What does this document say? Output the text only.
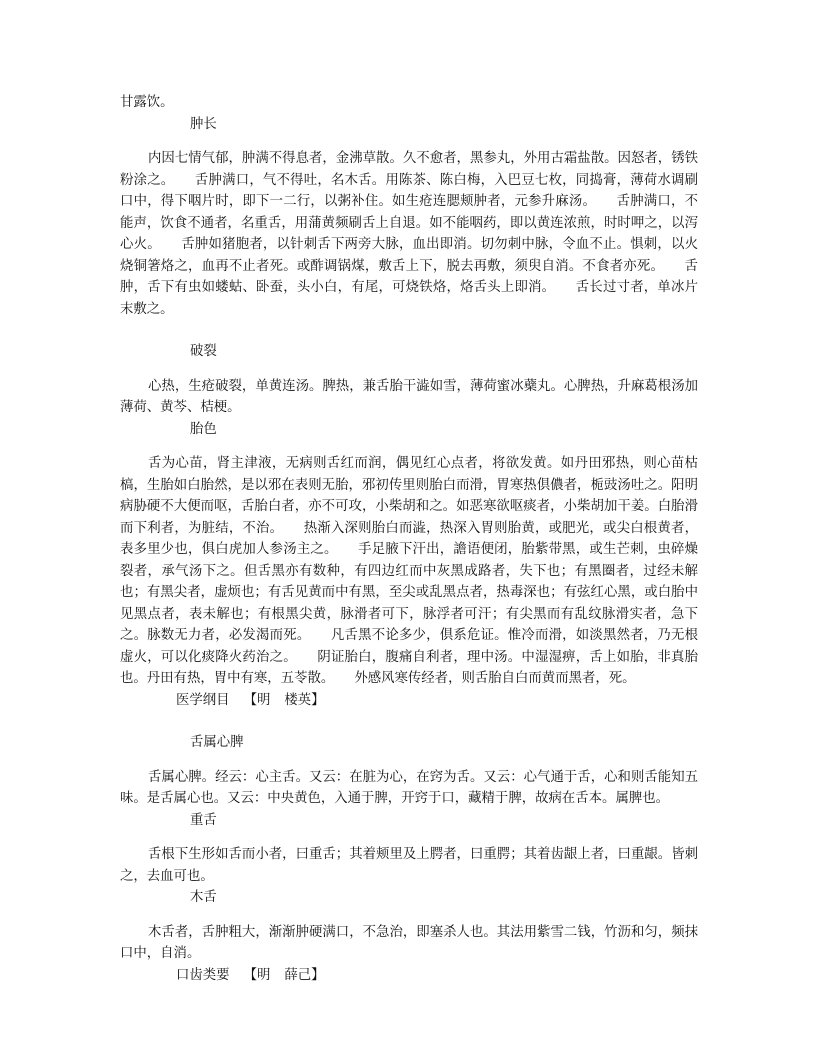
甘露饮。

肿长

内因七情气郁，肿满不得息者，金沸草散。久不愈者，黑参丸，外用古霜盐散。因怒者，锈铁粉涂之。　　舌肿满口，气不得吐，名木舌。用陈茶、陈白梅，入巴豆七枚，同捣膏，薄荷水调刷口中，得下咽片时，即下一二行，以粥补住。如生疮连腮颊肿者，元参升麻汤。　　舌肿满口，不能声，饮食不通者，名重舌，用蒲黄频刷舌上自退。如不能咽药，即以黄连浓煎，时时呷之，以泻心火。　　舌肿如猪胞者，以针刺舌下两旁大脉，血出即消。切勿刺中脉，令血不止。惧刺，以火烧铜箸烙之，血再不止者死。或酢调锅煤，敷舌上下，脱去再敷，须臾自消。不食者亦死。　　舌肿，舌下有虫如蝼蛄、卧蚕，头小白，有尾，可烧铁烙，烙舌头上即消。　　舌长过寸者，单冰片末敷之。

破裂

心热，生疮破裂，单黄连汤。脾热，兼舌胎干澁如雪，薄荷蜜冰蘗丸。心脾热，升麻葛根汤加薄荷、黄芩、桔梗。

胎色

舌为心苗，肾主津液，无病则舌红而润，偶见红心点者，将欲发黄。如丹田邪热，则心苗枯槁，生胎如白胎然，是以邪在表则无胎，邪初传里则胎白而滑，胃寒热倶儂者，栀豉汤吐之。阳明病胁硬不大便而呕，舌胎白者，亦不可攻，小柴胡和之。如恶寒欲呕痰者，小柴胡加干姜。白胎滑而下利者，为脏结，不治。　　热渐入深则胎白而澁，热深入胃则胎黄，或肥光，或尖白根黄者，表多里少也，俱白虎加人参汤主之。　　手足腋下汗出，譫语便闭，胎紫带黑，或生芒刺，虫碎燥裂者，承气汤下之。但舌黑亦有数种，有四边红而中灰黑成路者，失下也；有黑圈者，过经未解也；有黑尖者，虚烦也；有舌见黄而中有黑，至尖或乱黑点者，热毒深也；有弦红心黑，或白胎中见黑点者，表未解也；有根黑尖黄，脉滑者可下，脉浮者可汗；有尖黑而有乱纹脉滑实者，急下之。脉数无力者，必发渴而死。　　凡舌黑不论多少，倶系危证。惟冷而滑，如淡黑然者，乃无根虚火，可以化痰降火药治之。　　阴证胎白，腹痛自利者，理中汤。中湿湿痹，舌上如胎，非真胎也。丹田有热，胃中有寒，五苓散。　　外感风寒传经者，则舌胎自白而黄而黑者，死。

医学纲目 【明 楼英】

舌属心脾

舌属心脾。经云：心主舌。又云：在脏为心，在窍为舌。又云：心气通于舌，心和则舌能知五味。是舌属心也。又云：中央黄色，入通于脾，开窍于口，藏精于脾，故病在舌本。属脾也。

重舌

舌根下生形如舌而小者，曰重舌；其着颊里及上腭者，曰重腭；其着齿龈上者，曰重龈。皆刺之，去血可也。

木舌

木舌者，舌肿粗大，渐渐肿硬满口，不急治，即塞杀人也。其法用紫雪二钱，竹沥和匀，频抹口中，自消。

口齿类要 【明 薛己】
